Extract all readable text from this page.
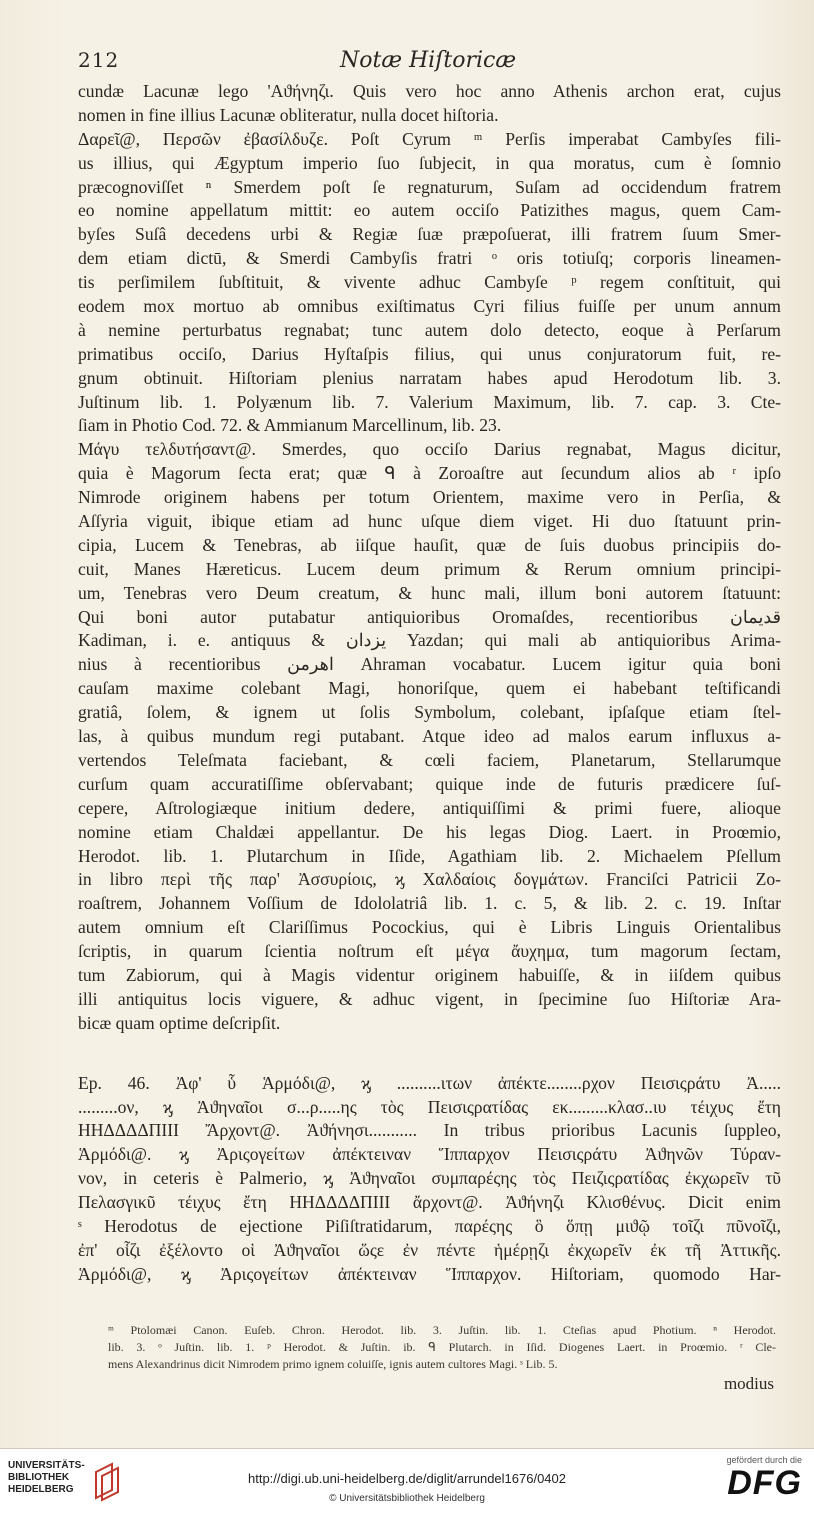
212	Notæ Hiſtoricæ
cundæ Lacunæ lego 'Αϑήνηζι. Quis vero hoc anno Athenis archon erat, cujus
nomen in fine illius Lacunæ obliteratur, nulla docet hiſtoria.
Δαρεῖ@, Περσῶν ἐβασίλδυζε. Poſt Cyrum ᵐ Perſis imperabat Cambyſes fili-
us illius, qui Ægyptum imperio ſuo ſubjecit, in qua moratus, cum è ſomnio
præcognoviſſet ⁿ Smerdem poſt ſe regnaturum, Suſam ad occidendum fratrem
eo nomine appellatum mittit: eo autem occiſo Patizithes magus, quem Cam-
byſes Suſâ decedens urbi & Regiæ ſuæ præpoſuerat, illi fratrem ſuum Smer-
dem etiam dictū, & Smerdi Cambyſis fratri ᵒ oris totiuſq; corporis lineamen-
tis perſimilem ſubſtituit, & vivente adhuc Cambyſe ᵖ regem conſtituit, qui
eodem mox mortuo ab omnibus exiſtimatus Cyri filius fuiſſe per unum annum
à nemine perturbatus regnabat; tunc autem dolo detecto, eoque à Perſarum
primatibus occiſo, Darius Hyſtaſpis filius, qui unus conjuratorum fuit, re-
gnum obtinuit. Hiſtoriam plenius narratam habes apud Herodotum lib. 3.
Juſtinum lib. 1. Polyænum lib. 7. Valerium Maximum, lib. 7. cap. 3. Cte-
ſiam in Photio Cod. 72. & Ammianum Marcellinum, lib. 23.
Μάγυ τελδυτήσαντ@. Smerdes, quo occiſo Darius regnabat, Magus dicitur,
quia è Magorum ſecta erat; quæ ᑫ à Zoroaſtre aut ſecundum alios ab ʳ ipſo
Nimrode originem habens per totum Orientem, maxime vero in Perſia, &
Aſſyria viguit, ibique etiam ad hunc uſque diem viget. Hi duo ſtatuunt prin-
cipia, Lucem & Tenebras, ab iiſque hauſit, quæ de ſuis duobus principiis do-
cuit, Manes Hæreticus. Lucem deum primum & Rerum omnium principi-
um, Tenebras vero Deum creatum, & hunc mali, illum boni autorem ſtatuunt:
Qui boni autor putabatur antiquioribus Oromaſdes, recentioribus قدیمان
Kadiman, i. e. antiquus & یزدان Yazdan; qui mali ab antiquioribus Arima-
nius à recentioribus اهرمن Ahraman vocabatur. Lucem igitur quia boni
cauſam maxime colebant Magi, honoriſque, quem ei habebant teſtificandi
gratiâ, ſolem, & ignem ut ſolis Symbolum, colebant, ipſaſque etiam ſtel-
las, à quibus mundum regi putabant. Atque ideo ad malos earum influxus a-
vertendos Teleſmata faciebant, & cœli faciem, Planetarum, Stellarumque
curſum quam accuratiſſime obſervabant; quique inde de futuris prædicere ſuſ-
cepere, Aſtrologiæque initium dedere, antiquiſſimi & primi fuere, alioque
nomine etiam Chaldæi appellantur. De his legas Diog. Laert. in Proœmio,
Herodot. lib. 1. Plutarchum in Iſide, Agathiam lib. 2. Michaelem Pſellum
in libro περὶ τῆς παρ' Ἀσσυρίοις, ϗ Χαλδαίοις δογμάτων. Franciſci Patricii Zo-
roaſtrem, Johannem Voſſium de Idololatriâ lib. 1. c. 5, & lib. 2. c. 19. Inſtar
autem omnium eſt Clariſſimus Pocockius, qui è Libris Linguis Orientalibus
ſcriptis, in quarum ſcientia noſtrum eſt μέγα ἄυχημα, tum magorum ſectam,
tum Zabiorum, qui à Magis videntur originem habuiſſe, & in iiſdem quibus
illi antiquitus locis viguere, & adhuc vigent, in ſpecimine ſuo Hiſtoriæ Ara-
bicæ quam optime deſcripſit.
Ep. 46. Ἀφ' ὗ Ἁρμόδι@, ϗ ..........ιτων ἀπέκτε........ρχον Πεισιςράτυ Ἀ.....
.........ον, ϗ Ἀϑηναῖοι σ...ρ.....ης τὸς Πεισιςρατίδας εκ.........κλασ..ιυ τέιχυς ἔτη
ΗΗΔΔΔΔΠΙΙΙ Ἄρχοντ@. Ἀϑήνησι........... In tribus prioribus Lacunis ſuppleo,
Ἁρμόδι@. ϗ Ἀριςογείτων ἀπέκτειναν Ἵππαρχον Πεισιςράτυ Ἀϑηνῶν Τύραν-
νον, in ceteris è Palmerio, ϗ Ἀϑηναῖοι συμπαρέςης τὸς Πειζιςρατίδας ἐκχωρεῖν τῦ
Πελασγικῦ τέιχυς ἔτη ΗΗΔΔΔΔΠΙΙΙ ἄρχοντ@. Ἀϑήνηζι Κλισθένυς. Dicit enim
ˢ Herodotus de ejectione Piſiſtratidarum, παρέςης ὃ ὅπῃ μιϑῷ τοῖζι πῦνοῖζι,
ἐπ' οἷζι ἐξέλοντο οἱ Ἀϑηναῖοι ὥςε ἐν πέντε ἡμέρῃζι ἐκχωρεῖν ἐκ τῆ Ἀττικῆς.
Ἁρμόδι@, ϗ Ἀριςογείτων ἀπέκτειναν Ἵππαρχον. Hiſtoriam, quomodo Har-
ᵐ Ptolomæi Canon. Euſeb. Chron. Herodot. lib. 3. Juſtin. lib. 1. Cteſias apud Photium. ⁿ Herodot.
lib. 3. ᵒ Juſtin. lib. 1. ᵖ Herodot. & Juſtin. ib. ᑫ Plutarch. in Iſid. Diogenes Laert. in Proœmio. ʳ Cle-
mens Alexandrinus dicit Nimrodem primo ignem coluiſſe, ignis autem cultores Magi. ˢ Lib. 5.
modius
UNIVERSITÄTS-
BIBLIOTHEK
HEIDELBERG
http://digi.ub.uni-heidelberg.de/diglit/arrundel1676/0402
© Universitätsbibliothek Heidelberg
gefördert durch die
DFG
